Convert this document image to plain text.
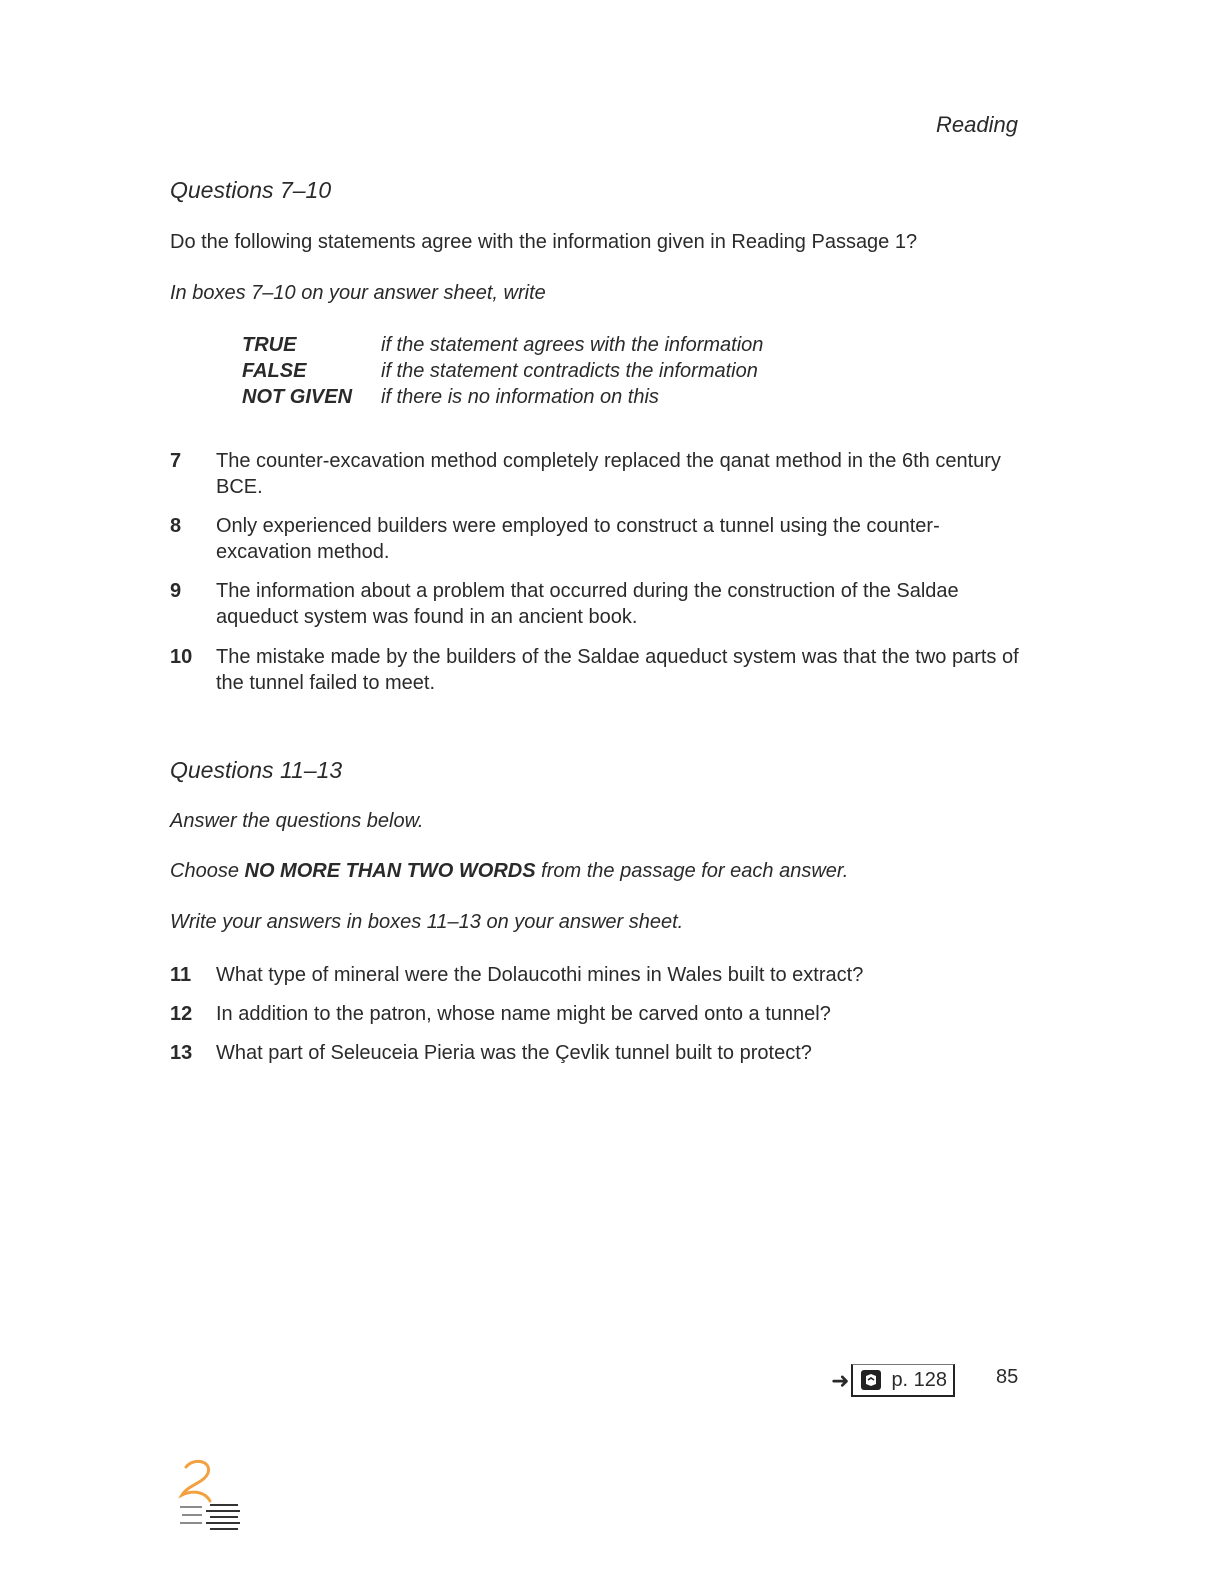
Reading
Questions 7–10
Do the following statements agree with the information given in Reading Passage 1?
In boxes 7–10 on your answer sheet, write
TRUE	if the statement agrees with the information
FALSE	if the statement contradicts the information
NOT GIVEN	if there is no information on this
7	The counter-excavation method completely replaced the qanat method in the 6th century BCE.
8	Only experienced builders were employed to construct a tunnel using the counter-excavation method.
9	The information about a problem that occurred during the construction of the Saldae aqueduct system was found in an ancient book.
10	The mistake made by the builders of the Saldae aqueduct system was that the two parts of the tunnel failed to meet.
Questions 11–13
Answer the questions below.
Choose NO MORE THAN TWO WORDS from the passage for each answer.
Write your answers in boxes 11–13 on your answer sheet.
11	What type of mineral were the Dolaucothi mines in Wales built to extract?
12	In addition to the patron, whose name might be carved onto a tunnel?
13	What part of Seleuceia Pieria was the Çevlik tunnel built to protect?
➜ p. 128 85
